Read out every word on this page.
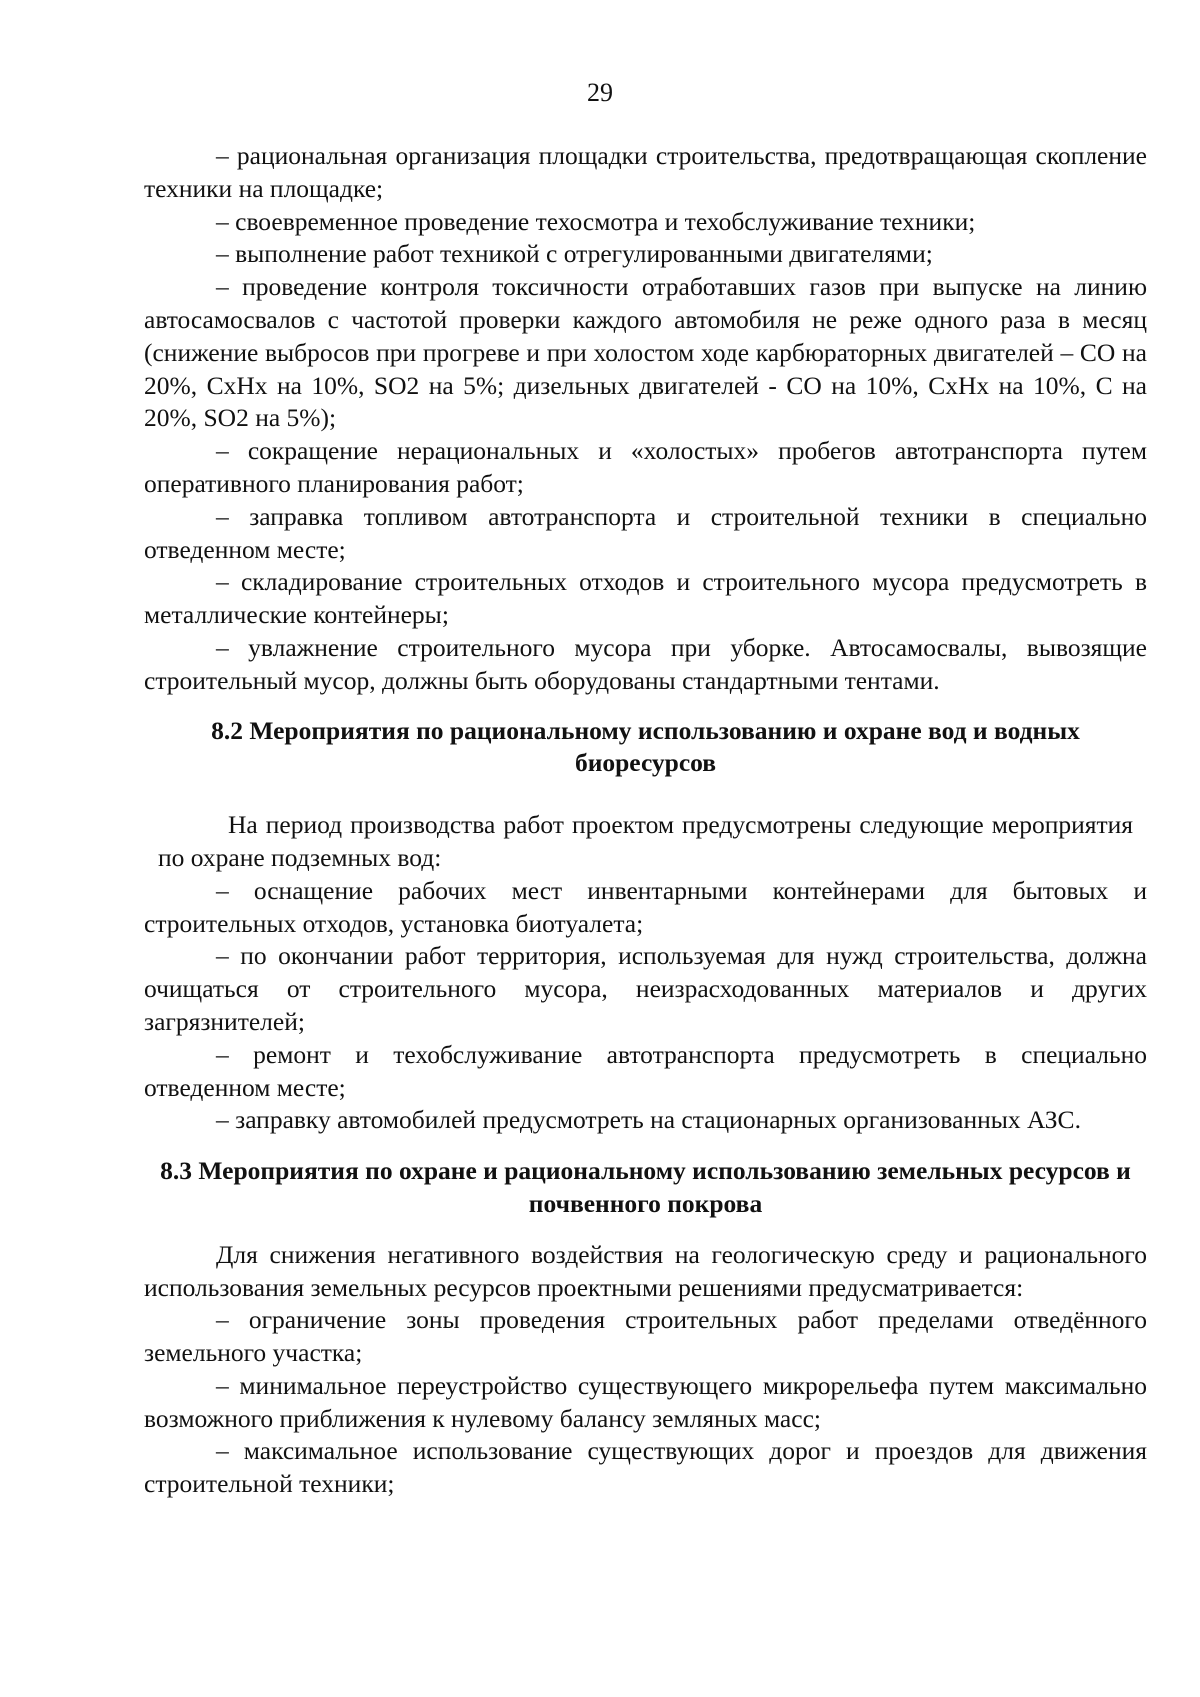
29

– рациональная организация площадки строительства, предотвращающая скопление техники на площадке;

– своевременное проведение техосмотра и техобслуживание техники;

– выполнение работ техникой с отрегулированными двигателями;

– проведение контроля токсичности отработавших газов при выпуске на линию автосамосвалов с частотой проверки каждого автомобиля не реже одного раза в месяц (снижение выбросов при прогреве и при холостом ходе карбюраторных двигателей – СО на 20%, СхНх на 10%, SO2 на 5%; дизельных двигателей - СО на 10%, СхНх на 10%, С на 20%, SO2 на 5%);

– сокращение нерациональных и «холостых» пробегов автотранспорта путем оперативного планирования работ;

– заправка топливом автотранспорта и строительной техники в специально отведенном месте;

– складирование строительных отходов и строительного мусора предусмотреть в металлические контейнеры;

– увлажнение строительного мусора при уборке. Автосамосвалы, вывозящие строительный мусор, должны быть оборудованы стандартными тентами.

8.2 Мероприятия по рациональному использованию и охране вод и водных биоресурсов

На период производства работ проектом предусмотрены следующие мероприятия по охране подземных вод:

– оснащение рабочих мест инвентарными контейнерами для бытовых и строительных отходов, установка биотуалета;

– по окончании работ территория, используемая для нужд строительства, должна очищаться от строительного мусора, неизрасходованных материалов и других загрязнителей;

– ремонт и техобслуживание автотранспорта предусмотреть в специально отведенном месте;

– заправку автомобилей предусмотреть на стационарных организованных АЗС.

8.3 Мероприятия по охране и рациональному использованию земельных ресурсов и почвенного покрова

Для снижения негативного воздействия на геологическую среду и рационального использования земельных ресурсов проектными решениями предусматривается:

– ограничение зоны проведения строительных работ пределами отведённого земельного участка;

– минимальное переустройство существующего микрорельефа путем максимально возможного приближения к нулевому балансу земляных масс;

– максимальное использование существующих дорог и проездов для движения строительной техники;
